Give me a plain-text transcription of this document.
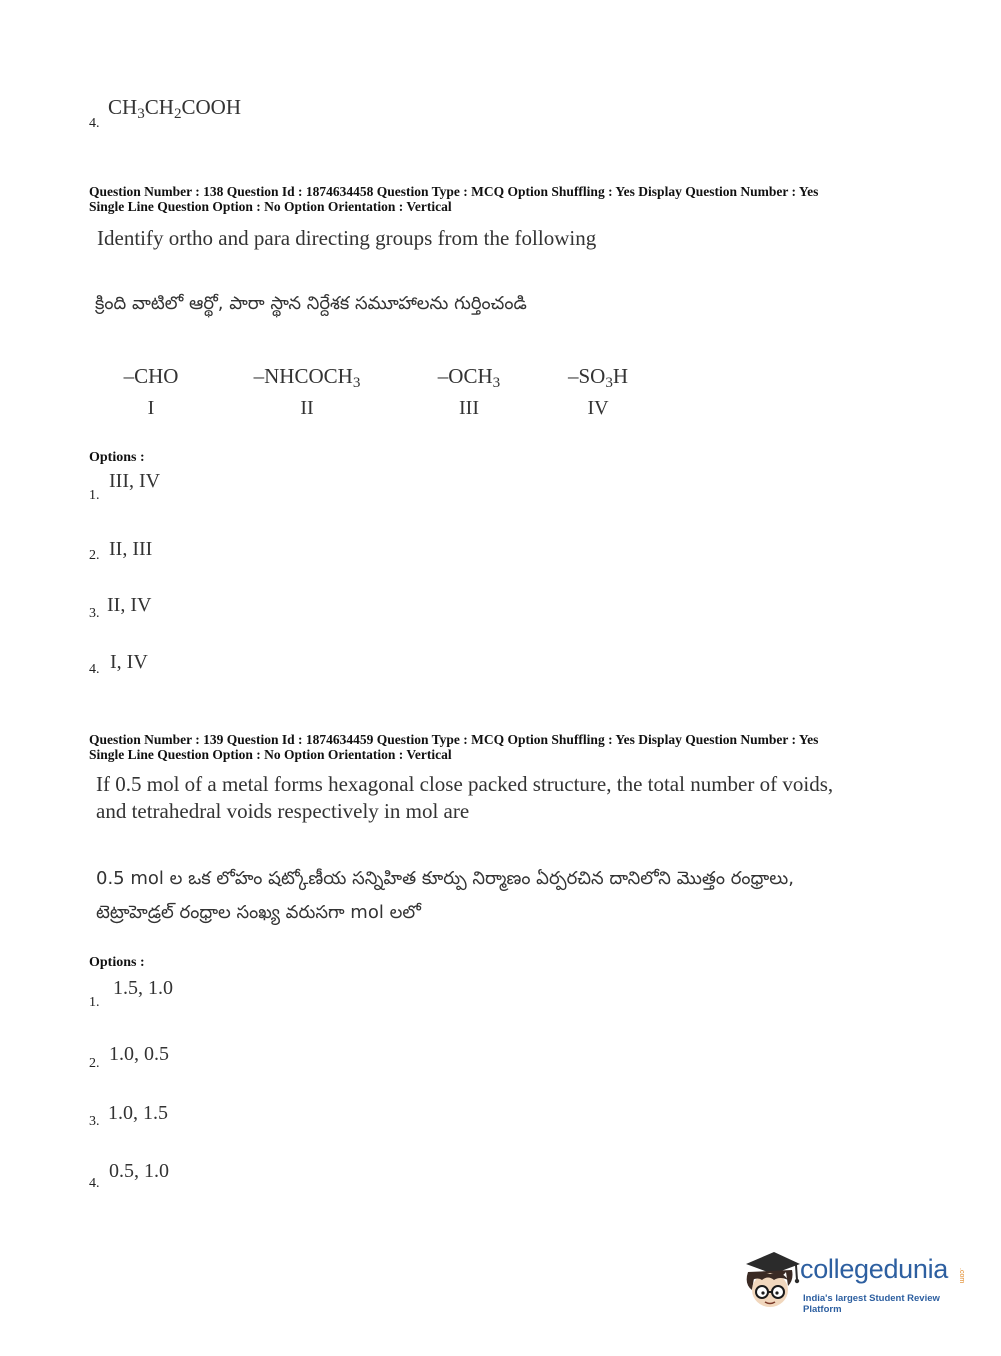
4.
$CH_3CH_2COOH$
Question Number : 138 Question Id : 1874634458 Question Type : MCQ Option Shuffling : Yes Display Question Number : Yes
Single Line Question Option : No Option Orientation : Vertical
Identify ortho and para directing groups from the following
క్రింది వాటిలో ఆర్థో, పారా స్థాన నిర్దేశక సమూహాలను గుర్తించండి
–CHO
I
$-NHCOCH_3$
II
$-OCH_3$
III
$-SO_3H$
IV
Options :
1.
III, IV
2. II, III
3. II, IV
4. I, IV
Question Number : 139 Question Id : 1874634459 Question Type : MCQ Option Shuffling : Yes Display Question Number : Yes
Single Line Question Option : No Option Orientation : Vertical
If 0.5 mol of a metal forms hexagonal close packed structure, the total number of voids,
and tetrahedral voids respectively in mol are
0.5 mol ల ఒక లోహం షట్కోణీయ సన్నిహిత కూర్పు నిర్మాణం ఏర్పరచిన దానిలోని మొత్తం రంధ్రాలు,
టెట్రాహెడ్రల్ రంధ్రాల సంఖ్య వరుసగా mol లలో
Options :
1.
1.5, 1.0
2. 1.0, 0.5
3. 1.0, 1.5
4.
0.5, 1.0
collegedunia .com
India's largest Student Review Platform
